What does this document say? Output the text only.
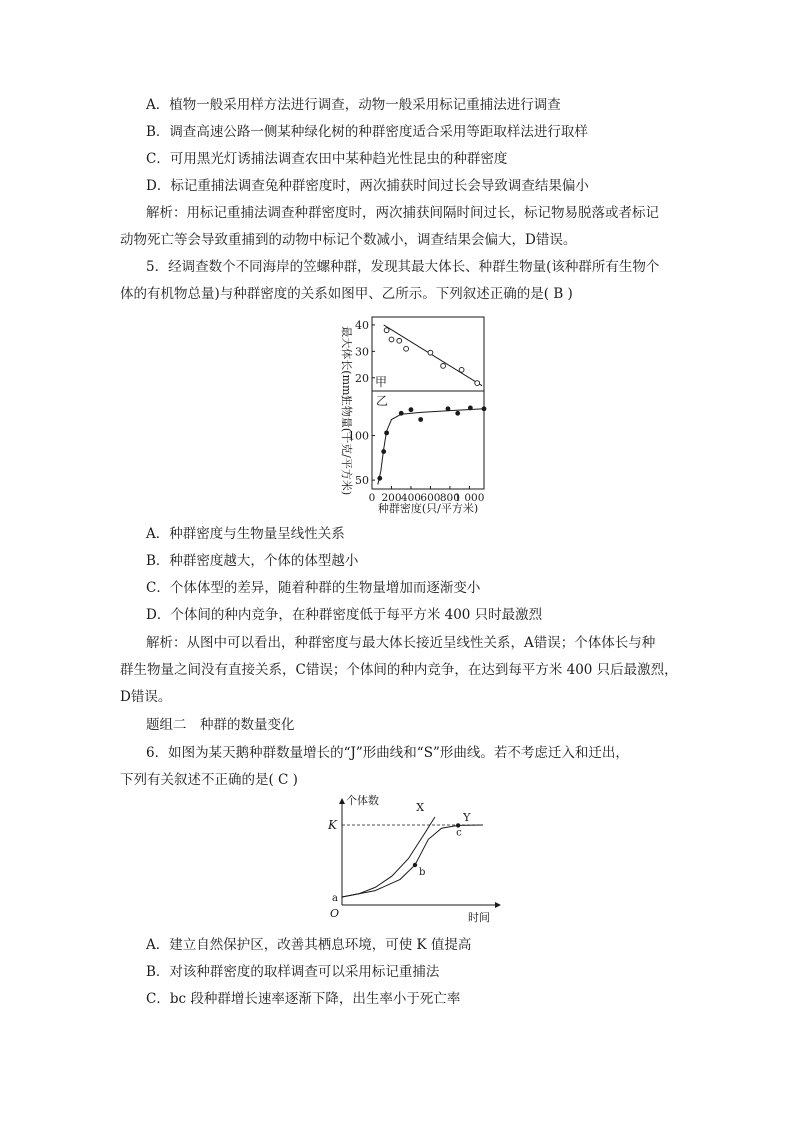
A．植物一般采用样方法进行调查，动物一般采用标记重捕法进行调查
B．调查高速公路一侧某种绿化树的种群密度适合采用等距取样法进行取样
C．可用黑光灯诱捕法调查农田中某种趋光性昆虫的种群密度
D．标记重捕法调查兔种群密度时，两次捕获时间过长会导致调查结果偏小
解析：用标记重捕法调查种群密度时，两次捕获间隔时间过长，标记物易脱落或者标记
动物死亡等会导致重捕到的动物中标记个数减小，调查结果会偏大，D错误。
5．经调查数个不同海岸的笠螺种群，发现其最大体长、种群生物量(该种群所有生物个
体的有机物总量)与种群密度的关系如图甲、乙所示。下列叙述正确的是( B )
最大体长(mm)
生物量(千克/平方米)
甲
乙
40
30
20
100
50
0 200 400 600 800
1 000
种群密度(只/平方米)
A．种群密度与生物量呈线性关系
B．种群密度越大，个体的体型越小
C．个体体型的差异，随着种群的生物量增加而逐渐变小
D．个体间的种内竞争，在种群密度低于每平方米 400 只时最激烈
解析：从图中可以看出，种群密度与最大体长接近呈线性关系，A错误；个体体长与种
群生物量之间没有直接关系，C错误；个体间的种内竞争，在达到每平方米 400 只后最激烈，
D错误。
题组二　种群的数量变化
6．如图为某天鹅种群数量增长的“J”形曲线和“S”形曲线。若不考虑迁入和迁出，
下列有关叙述不正确的是( C )
个体数
时间
O
K
X
Y
a
b
c
A．建立自然保护区，改善其栖息环境，可使 K 值提高
B．对该种群密度的取样调查可以采用标记重捕法
C．bc 段种群增长速率逐渐下降，出生率小于死亡率
